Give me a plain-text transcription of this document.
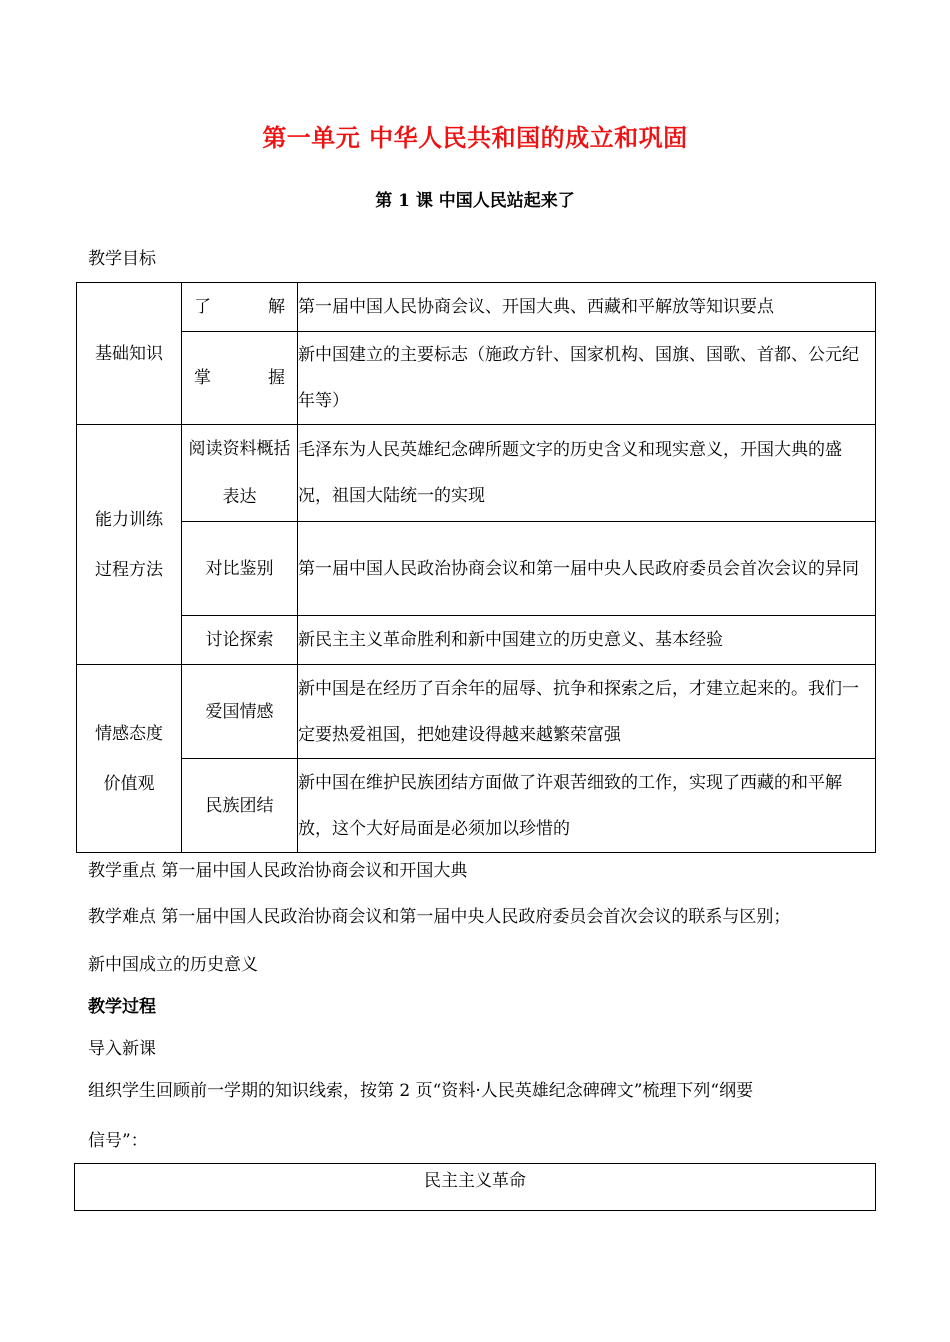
第一单元 中华人民共和国的成立和巩固
第 1 课 中国人民站起来了
教学目标
基础知识	了 解	第一届中国人民协商会议、开国大典、西藏和平解放等知识要点
	掌 握	新中国建立的主要标志（施政方针、国家机构、国旗、国歌、首都、公元纪年等）

能力训练
过程方法	阅读资料概括表达	毛泽东为人民英雄纪念碑所题文字的历史含义和现实意义，开国大典的盛况，祖国大陆统一的实现
	对比鉴别	第一届中国人民政治协商会议和第一届中央人民政府委员会首次会议的异同
	讨论探索	新民主主义革命胜利和新中国建立的历史意义、基本经验

情感态度
价值观	爱国情感	新中国是在经历了百余年的屈辱、抗争和探索之后，才建立起来的。我们一定要热爱祖国，把她建设得越来越繁荣富强
	民族团结	新中国在维护民族团结方面做了许艰苦细致的工作，实现了西藏的和平解放，这个大好局面是必须加以珍惜的
教学重点 第一届中国人民政治协商会议和开国大典
教学难点 第一届中国人民政治协商会议和第一届中央人民政府委员会首次会议的联系与区别；
新中国成立的历史意义
教学过程
导入新课
组织学生回顾前一学期的知识线索，按第 2 页“资料·人民英雄纪念碑碑文”梳理下列“纲要
信号”：
民主主义革命
